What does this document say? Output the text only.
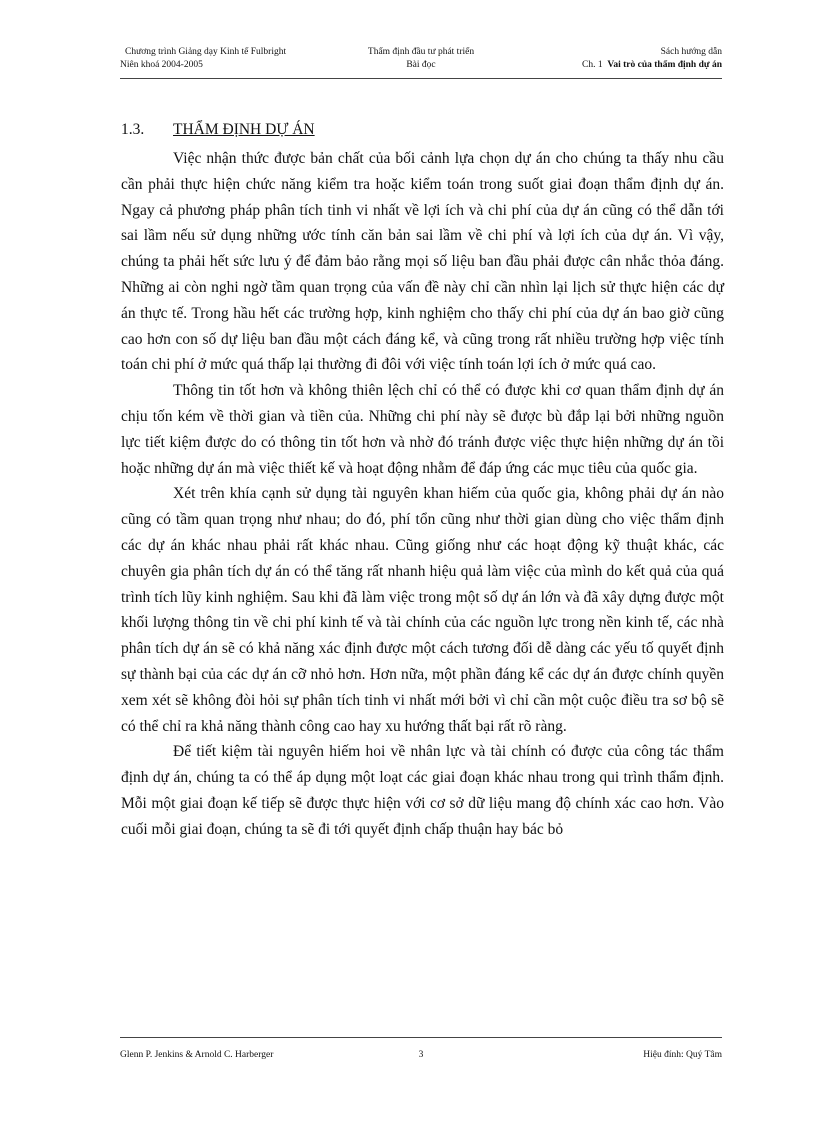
Chương trình Giảng dạy Kinh tế Fulbright
Niên khoá 2004-2005
Thẩm định đầu tư phát triển
Bài đọc
Sách hướng dẫn
Ch. 1 Vai trò của thẩm định dự án
1.3. THẨM ĐỊNH DỰ ÁN

Việc nhận thức được bản chất của bối cảnh lựa chọn dự án cho chúng ta thấy nhu cầu cần phải thực hiện chức năng kiểm tra hoặc kiểm toán trong suốt giai đoạn thẩm định dự án. Ngay cả phương pháp phân tích tinh vi nhất về lợi ích và chi phí của dự án cũng có thể dẫn tới sai lầm nếu sử dụng những ước tính căn bản sai lầm về chi phí và lợi ích của dự án. Vì vậy, chúng ta phải hết sức lưu ý để đảm bảo rằng mọi số liệu ban đầu phải được cân nhắc thỏa đáng. Những ai còn nghi ngờ tầm quan trọng của vấn đề này chỉ cần nhìn lại lịch sử thực hiện các dự án thực tế. Trong hầu hết các trường hợp, kinh nghiệm cho thấy chi phí của dự án bao giờ cũng cao hơn con số dự liệu ban đầu một cách đáng kể, và cũng trong rất nhiều trường hợp việc tính toán chi phí ở mức quá thấp lại thường đi đôi với việc tính toán lợi ích ở mức quá cao.

Thông tin tốt hơn và không thiên lệch chỉ có thể có được khi cơ quan thẩm định dự án chịu tốn kém về thời gian và tiền của. Những chi phí này sẽ được bù đắp lại bởi những nguồn lực tiết kiệm được do có thông tin tốt hơn và nhờ đó tránh được việc thực hiện những dự án tồi hoặc những dự án mà việc thiết kế và hoạt động nhằm để đáp ứng các mục tiêu của quốc gia.

Xét trên khía cạnh sử dụng tài nguyên khan hiếm của quốc gia, không phải dự án nào cũng có tầm quan trọng như nhau; do đó, phí tổn cũng như thời gian dùng cho việc thẩm định các dự án khác nhau phải rất khác nhau. Cũng giống như các hoạt động kỹ thuật khác, các chuyên gia phân tích dự án có thể tăng rất nhanh hiệu quả làm việc của mình do kết quả của quá trình tích lũy kinh nghiệm. Sau khi đã làm việc trong một số dự án lớn và đã xây dựng được một khối lượng thông tin về chi phí kinh tế và tài chính của các nguồn lực trong nền kinh tế, các nhà phân tích dự án sẽ có khả năng xác định được một cách tương đối dễ dàng các yếu tố quyết định sự thành bại của các dự án cỡ nhỏ hơn. Hơn nữa, một phần đáng kể các dự án được chính quyền xem xét sẽ không đòi hỏi sự phân tích tinh vi nhất mới bởi vì chỉ cần một cuộc điều tra sơ bộ sẽ có thể chỉ ra khả năng thành công cao hay xu hướng thất bại rất rõ ràng.

Để tiết kiệm tài nguyên hiếm hoi về nhân lực và tài chính có được của công tác thẩm định dự án, chúng ta có thể áp dụng một loạt các giai đoạn khác nhau trong qui trình thẩm định. Mỗi một giai đoạn kế tiếp sẽ được thực hiện với cơ sở dữ liệu mang độ chính xác cao hơn. Vào cuối mỗi giai đoạn, chúng ta sẽ đi tới quyết định chấp thuận hay bác bỏ

Glenn P. Jenkins & Arnold C. Harberger	3	Hiệu đính: Quý Tâm
